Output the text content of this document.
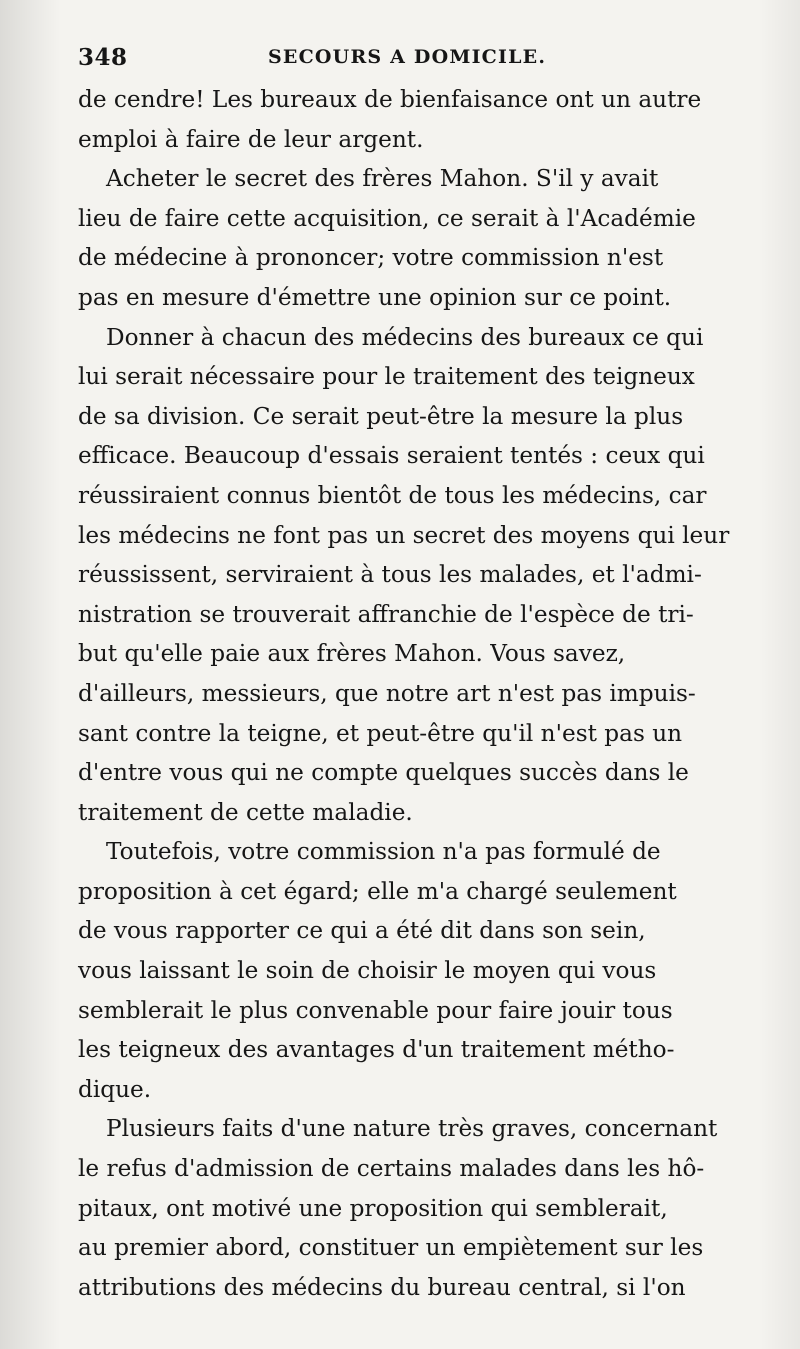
348	SECOURS A DOMICILE.
de cendre! Les bureaux de bienfaisance ont un autre
emploi à faire de leur argent.
Acheter le secret des frères Mahon. S'il y avait
lieu de faire cette acquisition, ce serait à l'Académie
de médecine à prononcer; votre commission n'est
pas en mesure d'émettre une opinion sur ce point.
Donner à chacun des médecins des bureaux ce qui
lui serait nécessaire pour le traitement des teigneux
de sa division. Ce serait peut-être la mesure la plus
efficace. Beaucoup d'essais seraient tentés : ceux qui
réussiraient connus bientôt de tous les médecins, car
les médecins ne font pas un secret des moyens qui leur
réussissent, serviraient à tous les malades, et l'admi-
nistration se trouverait affranchie de l'espèce de tri-
but qu'elle paie aux frères Mahon. Vous savez,
d'ailleurs, messieurs, que notre art n'est pas impuis-
sant contre la teigne, et peut-être qu'il n'est pas un
d'entre vous qui ne compte quelques succès dans le
traitement de cette maladie.
Toutefois, votre commission n'a pas formulé de
proposition à cet égard; elle m'a chargé seulement
de vous rapporter ce qui a été dit dans son sein,
vous laissant le soin de choisir le moyen qui vous
semblerait le plus convenable pour faire jouir tous
les teigneux des avantages d'un traitement métho-
dique.
Plusieurs faits d'une nature très graves, concernant
le refus d'admission de certains malades dans les hô-
pitaux, ont motivé une proposition qui semblerait,
au premier abord, constituer un empiètement sur les
attributions des médecins du bureau central, si l'on
